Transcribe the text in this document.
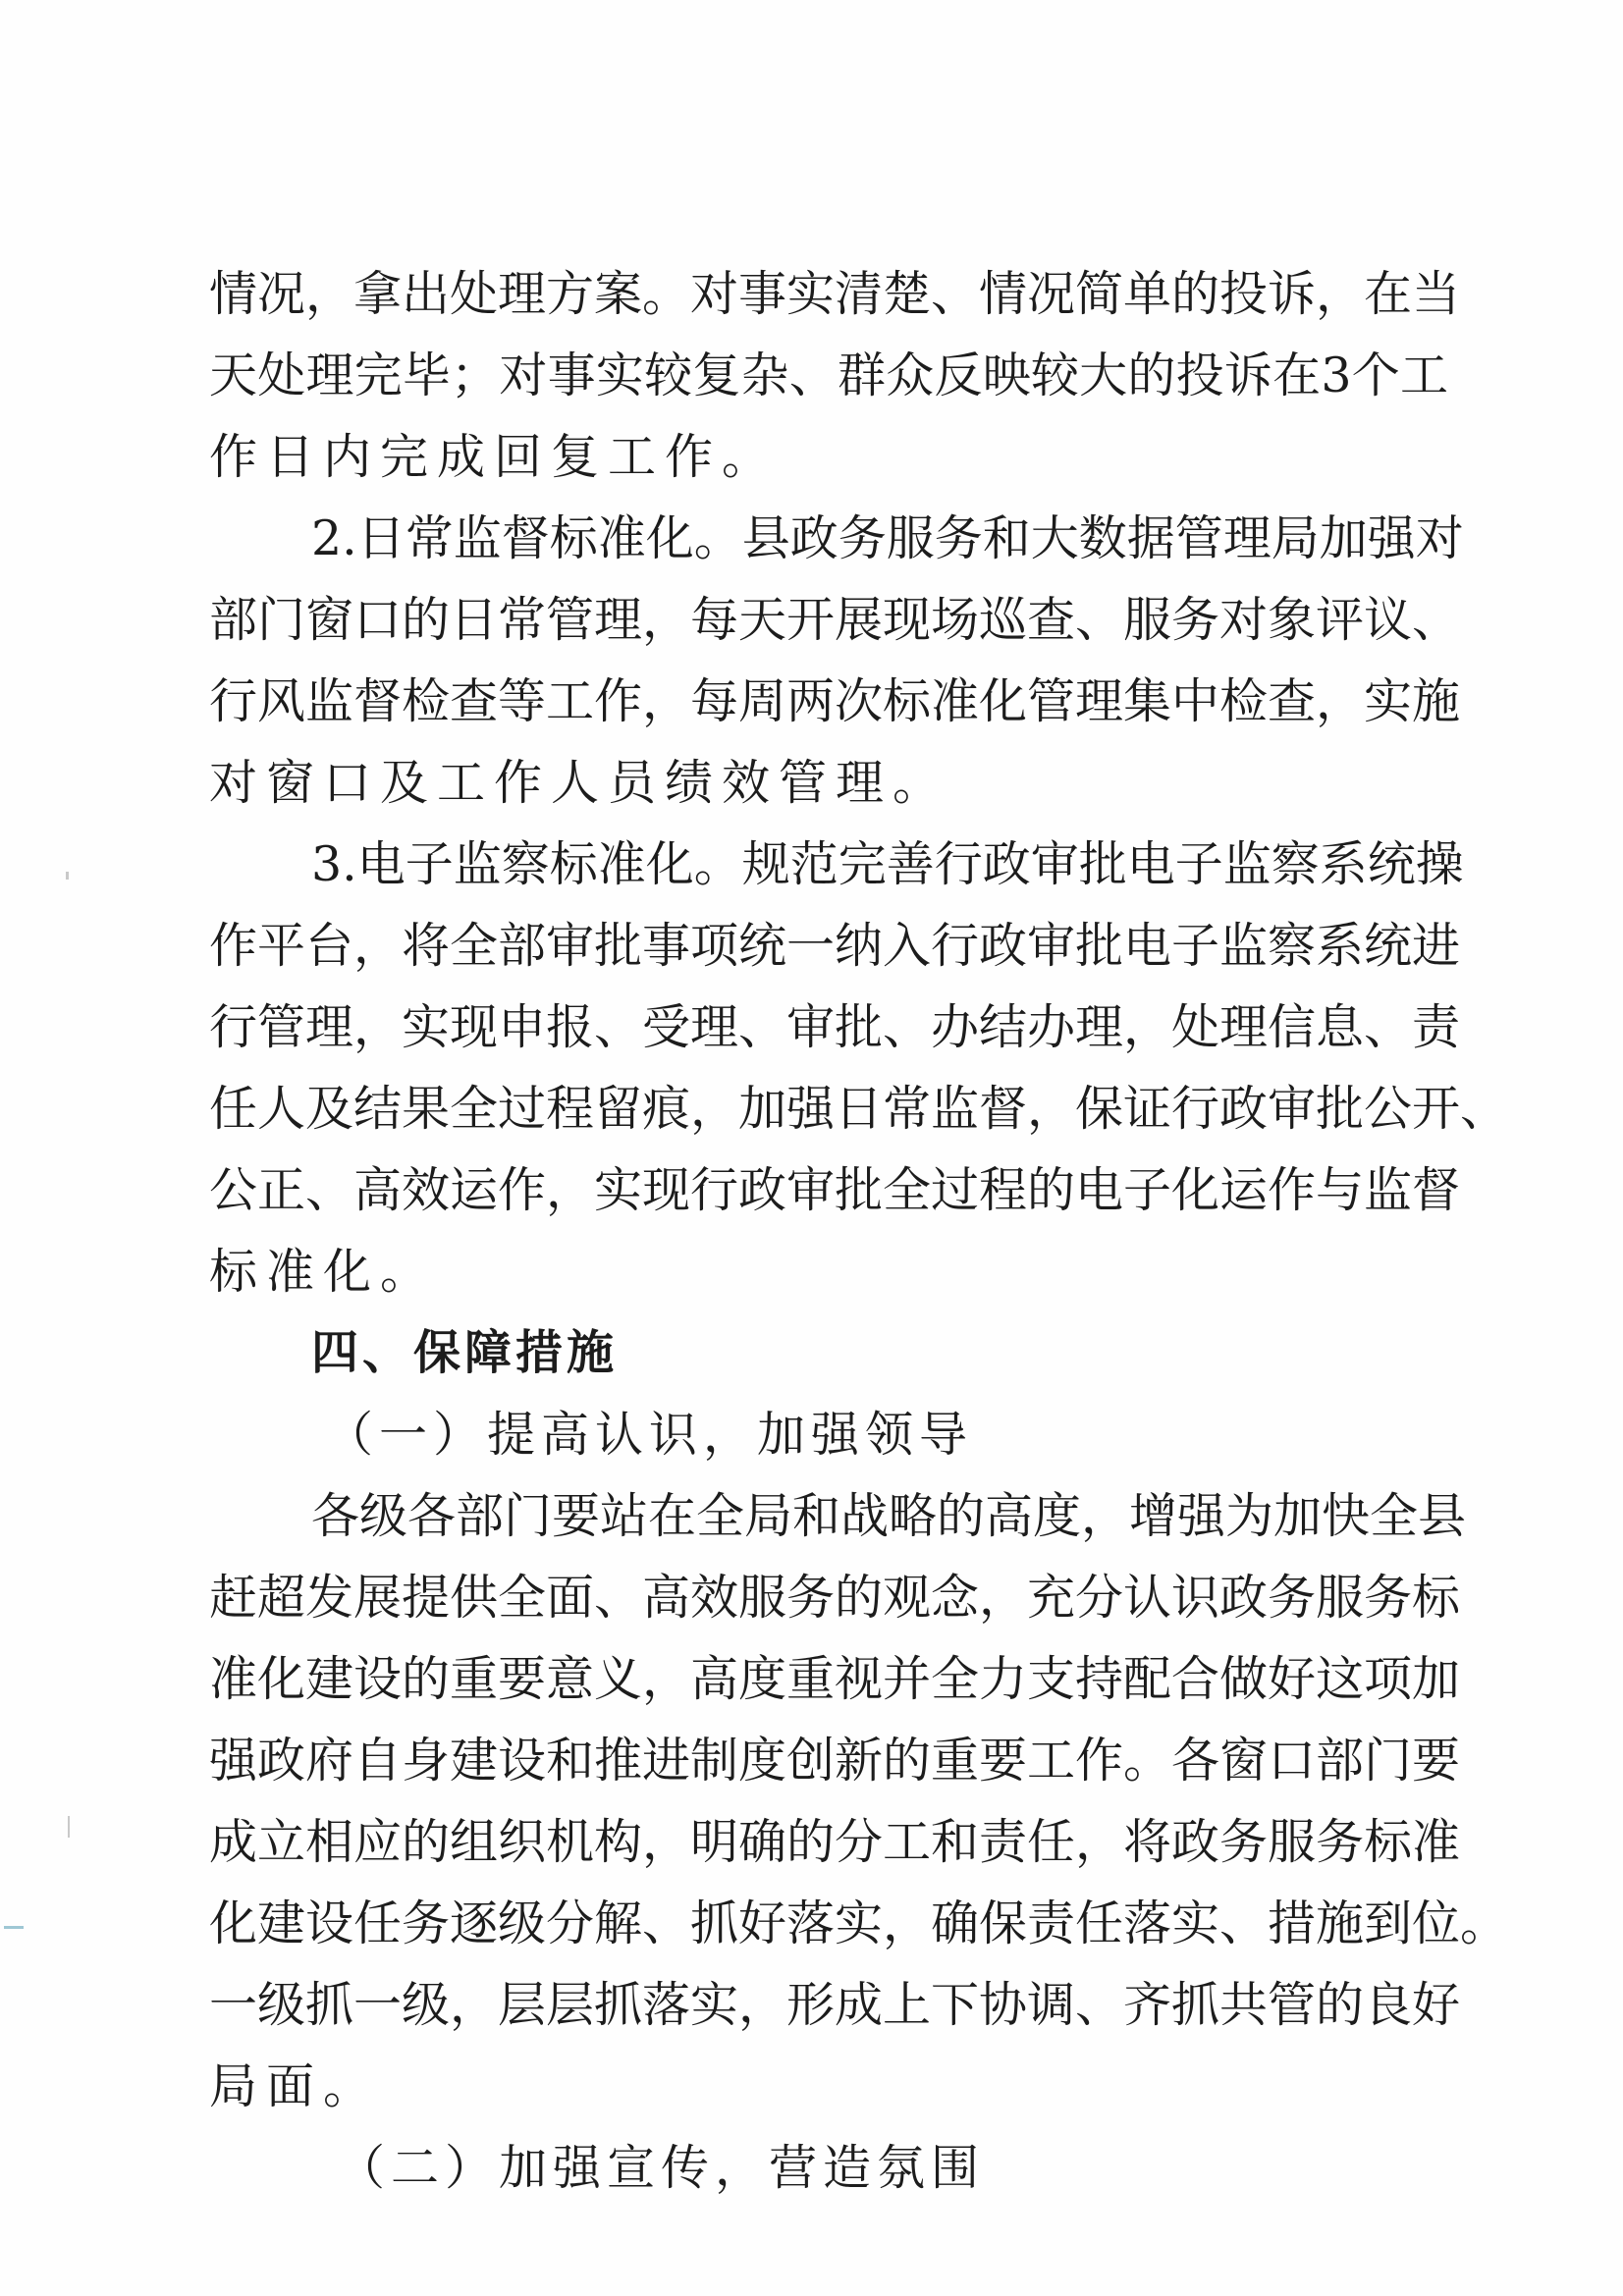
情况，拿出处理方案。对事实清楚、情况简单的投诉，在当
天处理完毕；对事实较复杂、群众反映较大的投诉在3个工
作日内完成回复工作。
2.日常监督标准化。县政务服务和大数据管理局加强对
部门窗口的日常管理，每天开展现场巡查、服务对象评议、
行风监督检查等工作，每周两次标准化管理集中检查，实施
对窗口及工作人员绩效管理。
3.电子监察标准化。规范完善行政审批电子监察系统操
作平台，将全部审批事项统一纳入行政审批电子监察系统进
行管理，实现申报、受理、审批、办结办理，处理信息、责
任人及结果全过程留痕，加强日常监督，保证行政审批公开、
公正、高效运作，实现行政审批全过程的电子化运作与监督
标准化。
四、保障措施
（一）提高认识，加强领导
各级各部门要站在全局和战略的高度，增强为加快全县
赶超发展提供全面、高效服务的观念，充分认识政务服务标
准化建设的重要意义，高度重视并全力支持配合做好这项加
强政府自身建设和推进制度创新的重要工作。各窗口部门要
成立相应的组织机构，明确的分工和责任，将政务服务标准
化建设任务逐级分解、抓好落实，确保责任落实、措施到位。
一级抓一级，层层抓落实，形成上下协调、齐抓共管的良好
局面。
（二）加强宣传，营造氛围
